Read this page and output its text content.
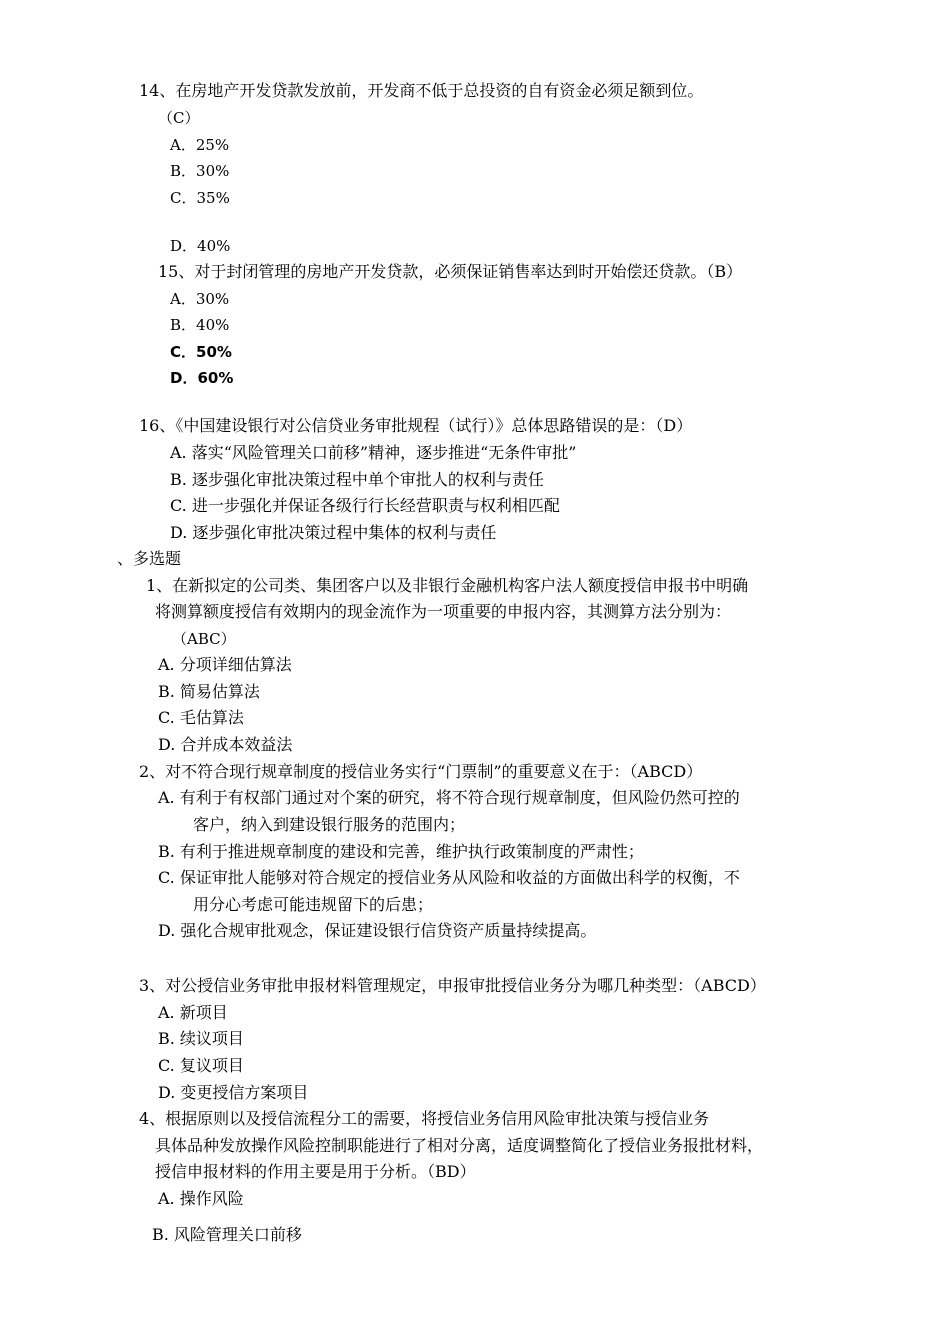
14、在房地产开发贷款发放前，开发商不低于总投资的自有资金必须足额到位。
（C）
A．25%
B．30%
C．35%
D．40%
15、对于封闭管理的房地产开发贷款，必须保证销售率达到时开始偿还贷款。（B）
A．30%
B．40%
C．50%
D．60%
16、《中国建设银行对公信贷业务审批规程（试行）》总体思路错误的是：（D）
A. 落实“风险管理关口前移”精神，逐步推进“无条件审批”
B. 逐步强化审批决策过程中单个审批人的权利与责任
C. 进一步强化并保证各级行行长经营职责与权利相匹配
D. 逐步强化审批决策过程中集体的权利与责任
、多选题
1、在新拟定的公司类、集团客户以及非银行金融机构客户法人额度授信申报书中明确
将测算额度授信有效期内的现金流作为一项重要的申报内容，其测算方法分别为：
（ABC）
A. 分项详细估算法
B. 简易估算法
C. 毛估算法
D. 合并成本效益法
2、对不符合现行规章制度的授信业务实行“门票制”的重要意义在于：（ABCD）
A. 有利于有权部门通过对个案的研究，将不符合现行规章制度，但风险仍然可控的
客户，纳入到建设银行服务的范围内；
B. 有利于推进规章制度的建设和完善，维护执行政策制度的严肃性；
C. 保证审批人能够对符合规定的授信业务从风险和收益的方面做出科学的权衡，不
用分心考虑可能违规留下的后患；
D. 强化合规审批观念，保证建设银行信贷资产质量持续提高。
3、对公授信业务审批申报材料管理规定，申报审批授信业务分为哪几种类型：（ABCD）
A. 新项目
B. 续议项目
C. 复议项目
D. 变更授信方案项目
4、根据原则以及授信流程分工的需要，将授信业务信用风险审批决策与授信业务
具体品种发放操作风险控制职能进行了相对分离，适度调整简化了授信业务报批材料，
授信申报材料的作用主要是用于分析。（BD）
A. 操作风险
B. 风险管理关口前移
